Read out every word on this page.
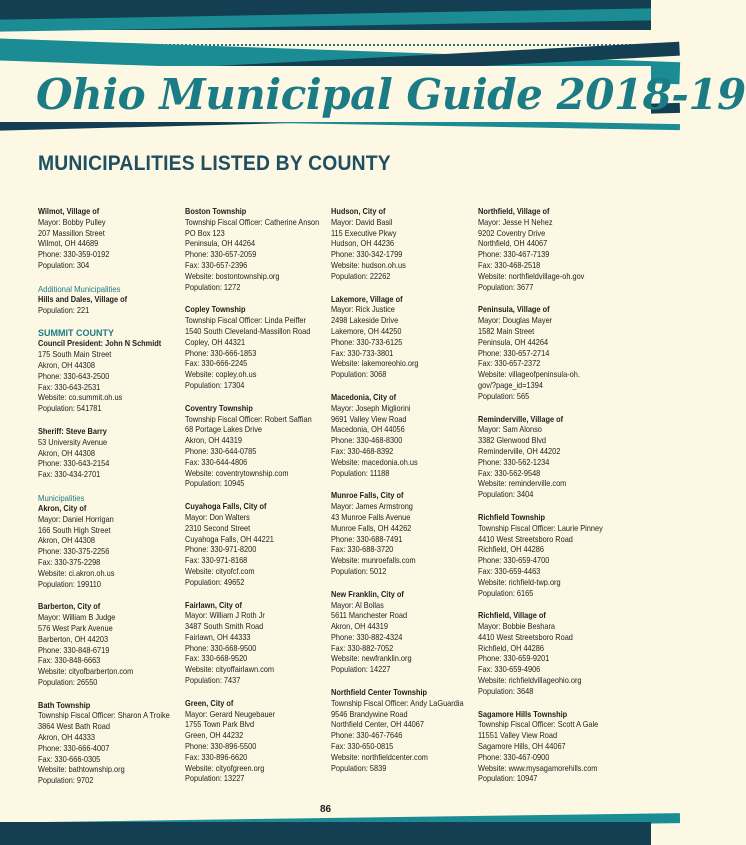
Ohio Municipal Guide 2018-19
MUNICIPALITIES LISTED BY COUNTY

Wilmot, Village of

Mayor: Bobby Pulley

207 Massillon Street

Wilmot, OH 44689

Phone: 330-359-0192

Population: 304

Additional Municipalities

Hills and Dales, Village of

Population: 221

SUMMIT COUNTY

Council President: John N Schmidt

175 South Main Street

Akron, OH 44308

Phone: 330-643-2500

Fax: 330-643-2531

Website: co.summit.oh.us

Population: 541781

Sheriff: Steve Barry

53 University Avenue

Akron, OH 44308

Phone: 330-643-2154

Fax: 330-434-2701

Municipalities

Akron, City of

Mayor: Daniel Horrigan

166 South High Street

Akron, OH 44308

Phone: 330-375-2256

Fax: 330-375-2298

Website: ci.akron.oh.us

Population: 199110

Barberton, City of

Mayor: William B Judge

576 West Park Avenue

Barberton, OH 44203

Phone: 330-848-6719

Fax: 330-848-6663

Website: cityofbarberton.com

Population: 26550

Bath Township

Township Fiscal Officer: Sharon A Troike

3864 West Bath Road

Akron, OH 44333

Phone: 330-666-4007

Fax: 330-666-0305

Website: bathtownship.org

Population: 9702

Boston Township

Township Fiscal Officer: Catherine Anson

PO Box 123

Peninsula, OH 44264

Phone: 330-657-2059

Fax: 330-657-2396

Website: bostontownship.org

Population: 1272

Copley Township

Township Fiscal Officer: Linda Peiffer

1540 South Cleveland-Massillon Road

Copley, OH 44321

Phone: 330-666-1853

Fax: 330-666-2245

Website: copley.oh.us

Population: 17304

Coventry Township

Township Fiscal Officer: Robert Saffian

68 Portage Lakes Drive

Akron, OH 44319

Phone: 330-644-0785

Fax: 330-644-4806

Website: coventrytownship.com

Population: 10945

Cuyahoga Falls, City of

Mayor: Don Walters

2310 Second Street

Cuyahoga Falls, OH 44221

Phone: 330-971-8200

Fax: 330-971-8168

Website: cityofcf.com

Population: 49652

Fairlawn, City of

Mayor: William J Roth Jr

3487 South Smith Road

Fairlawn, OH 44333

Phone: 330-668-9500

Fax: 330-668-9520

Website: cityoffairlawn.com

Population: 7437

Green, City of

Mayor: Gerard Neugebauer

1755 Town Park Blvd

Green, OH 44232

Phone: 330-896-5500

Fax: 330-896-6620

Website: cityofgreen.org

Population: 13227

Hudson, City of

Mayor: David Basil

115 Executive Pkwy

Hudson, OH 44236

Phone: 330-342-1799

Website: hudson.oh.us

Population: 22262

Lakemore, Village of

Mayor: Rick Justice

2498 Lakeside Drive

Lakemore, OH 44250

Phone: 330-733-6125

Fax: 330-733-3801

Website: lakemoreohio.org

Population: 3068

Macedonia, City of

Mayor: Joseph Migliorini

9691 Valley View Road

Macedonia, OH 44056

Phone: 330-468-8300

Fax: 330-468-8392

Website: macedonia.oh.us

Population: 11188

Munroe Falls, City of

Mayor: James Armstrong

43 Munroe Falls Avenue

Munroe Falls, OH 44262

Phone: 330-688-7491

Fax: 330-688-3720

Website: munroefalls.com

Population: 5012

New Franklin, City of

Mayor: Al Bollas

5611 Manchester Road

Akron, OH 44319

Phone: 330-882-4324

Fax: 330-882-7052

Website: newfranklin.org

Population: 14227

Northfield Center Township

Township Fiscal Officer: Andy LaGuardia

9546 Brandywine Road

Northfield Center, OH 44067

Phone: 330-467-7646

Fax: 330-650-0815

Website: northfieldcenter.com

Population: 5839

Northfield, Village of

Mayor: Jesse H Nehez

9202 Coventry Drive

Northfield, OH 44067

Phone: 330-467-7139

Fax: 330-468-2518

Website: northfieldvillage-oh.gov

Population: 3677

Peninsula, Village of

Mayor: Douglas Mayer

1582 Main Street

Peninsula, OH 44264

Phone: 330-657-2714

Fax: 330-657-2372

Website: villageofpeninsula-oh.

gov/?page_id=1394

Population: 565

Reminderville, Village of

Mayor: Sam Alonso

3382 Glenwood Blvd

Reminderville, OH 44202

Phone: 330-562-1234

Fax: 330-562-9548

Website: reminderville.com

Population: 3404

Richfield Township

Township Fiscal Officer: Laurie Pinney

4410 West Streetsboro Road

Richfield, OH 44286

Phone: 330-659-4700

Fax: 330-659-4463

Website: richfield-twp.org

Population: 6165

Richfield, Village of

Mayor: Bobbie Beshara

4410 West Streetsboro Road

Richfield, OH 44286

Phone: 330-659-9201

Fax: 330-659-4906

Website: richfieldvillageohio.org

Population: 3648

Sagamore Hills Township

Township Fiscal Officer: Scott A Gale

11551 Valley View Road

Sagamore Hills, OH 44067

Phone: 330-467-0900

Website: www.mysagamorehills.com

Population: 10947

86
